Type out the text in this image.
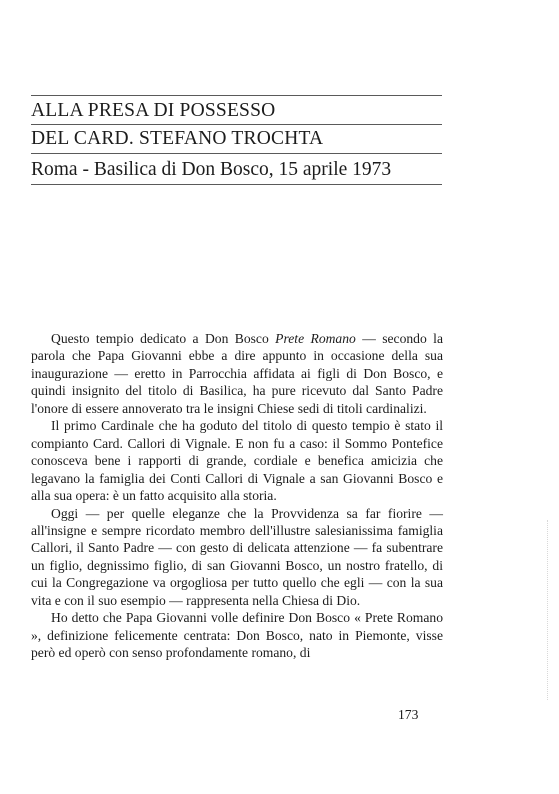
ALLA PRESA DI POSSESSO
DEL CARD. STEFANO TROCHTA
Roma - Basilica di Don Bosco, 15 aprile 1973

Questo tempio dedicato a Don Bosco Prete Romano — secondo la parola che Papa Giovanni ebbe a dire appunto in occasione della sua inaugurazione — eretto in Parrocchia affidata ai figli di Don Bosco, e quindi insignito del titolo di Basilica, ha pure ricevuto dal Santo Padre l'onore di essere annoverato tra le insigni Chiese sedi di titoli cardinalizi.

Il primo Cardinale che ha goduto del titolo di questo tempio è stato il compianto Card. Callori di Vignale. E non fu a caso: il Sommo Pontefice conosceva bene i rapporti di grande, cordiale e benefica amicizia che legavano la famiglia dei Conti Callori di Vignale a san Giovanni Bosco e alla sua opera: è un fatto acquisito alla storia.

Oggi — per quelle eleganze che la Provvidenza sa far fiorire — all'insigne e sempre ricordato membro dell'illustre salesianissima famiglia Callori, il Santo Padre — con gesto di delicata attenzione — fa subentrare un figlio, degnissimo figlio, di san Giovanni Bosco, un nostro fratello, di cui la Congregazione va orgogliosa per tutto quello che egli — con la sua vita e con il suo esempio — rappresenta nella Chiesa di Dio.

Ho detto che Papa Giovanni volle definire Don Bosco « Prete Romano », definizione felicemente centrata: Don Bosco, nato in Piemonte, visse però ed operò con senso profondamente romano, di

173
